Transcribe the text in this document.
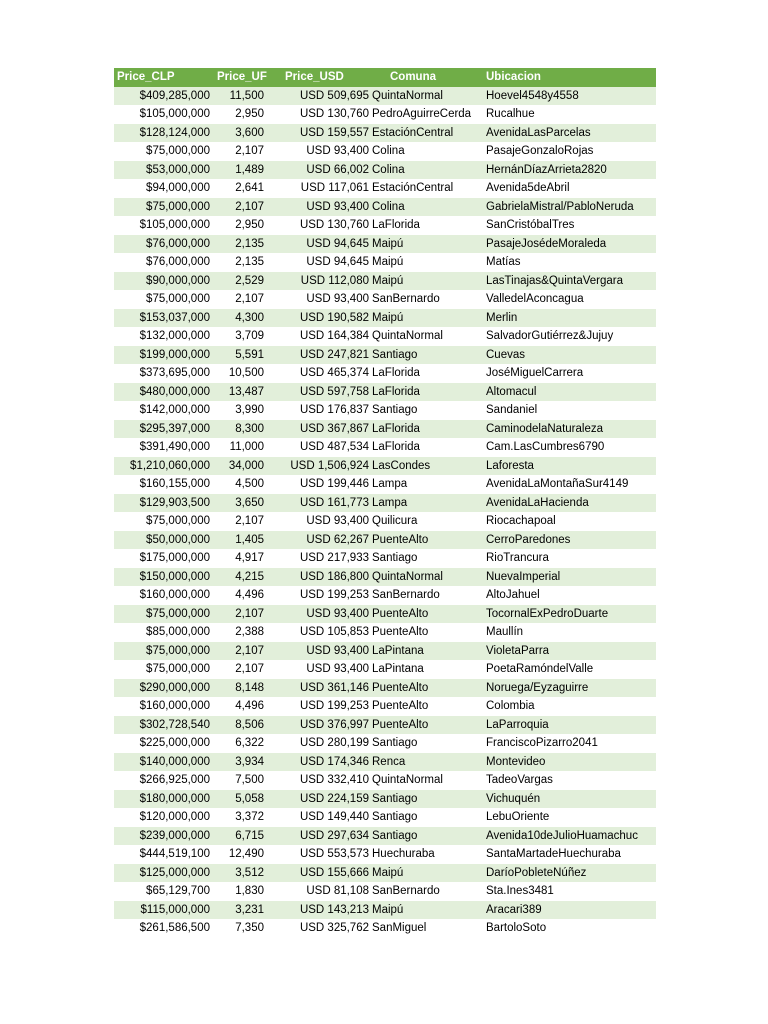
Price_CLP	Price_UF	Price_USD	Comuna	Ubicacion
$409,285,000	11,500	USD 509,695	QuintaNormal	Hoevel4548y4558
$105,000,000	2,950	USD 130,760	PedroAguirreCerda	Rucalhue
$128,124,000	3,600	USD 159,557	EstaciónCentral	AvenidaLasParcelas
$75,000,000	2,107	USD 93,400	Colina	PasajeGonzaloRojas
$53,000,000	1,489	USD 66,002	Colina	HernánDíazArrieta2820
$94,000,000	2,641	USD 117,061	EstaciónCentral	Avenida5deAbril
$75,000,000	2,107	USD 93,400	Colina	GabrielaMistral/PabloNeruda
$105,000,000	2,950	USD 130,760	LaFlorida	SanCristóbalTres
$76,000,000	2,135	USD 94,645	Maipú	PasajeJosédeMoraleda
$76,000,000	2,135	USD 94,645	Maipú	Matías
$90,000,000	2,529	USD 112,080	Maipú	LasTinajas&QuintaVergara
$75,000,000	2,107	USD 93,400	SanBernardo	ValledelAconcagua
$153,037,000	4,300	USD 190,582	Maipú	Merlin
$132,000,000	3,709	USD 164,384	QuintaNormal	SalvadorGutiérrez&Jujuy
$199,000,000	5,591	USD 247,821	Santiago	Cuevas
$373,695,000	10,500	USD 465,374	LaFlorida	JoséMiguelCarrera
$480,000,000	13,487	USD 597,758	LaFlorida	Altomacul
$142,000,000	3,990	USD 176,837	Santiago	Sandaniel
$295,397,000	8,300	USD 367,867	LaFlorida	CaminodelaNaturaleza
$391,490,000	11,000	USD 487,534	LaFlorida	Cam.LasCumbres6790
$1,210,060,000	34,000	USD 1,506,924	LasCondes	Laforesta
$160,155,000	4,500	USD 199,446	Lampa	AvenidaLaMontañaSur4149
$129,903,500	3,650	USD 161,773	Lampa	AvenidaLaHacienda
$75,000,000	2,107	USD 93,400	Quilicura	Riocachapoal
$50,000,000	1,405	USD 62,267	PuenteAlto	CerroParedones
$175,000,000	4,917	USD 217,933	Santiago	RioTrancura
$150,000,000	4,215	USD 186,800	QuintaNormal	NuevaImperial
$160,000,000	4,496	USD 199,253	SanBernardo	AltoJahuel
$75,000,000	2,107	USD 93,400	PuenteAlto	TocornalExPedroDuarte
$85,000,000	2,388	USD 105,853	PuenteAlto	Maullín
$75,000,000	2,107	USD 93,400	LaPintana	VioletaParra
$75,000,000	2,107	USD 93,400	LaPintana	PoetaRamóndelValle
$290,000,000	8,148	USD 361,146	PuenteAlto	Noruega/Eyzaguirre
$160,000,000	4,496	USD 199,253	PuenteAlto	Colombia
$302,728,540	8,506	USD 376,997	PuenteAlto	LaParroquia
$225,000,000	6,322	USD 280,199	Santiago	FranciscoPizarro2041
$140,000,000	3,934	USD 174,346	Renca	Montevideo
$266,925,000	7,500	USD 332,410	QuintaNormal	TadeoVargas
$180,000,000	5,058	USD 224,159	Santiago	Vichuquén
$120,000,000	3,372	USD 149,440	Santiago	LebuOriente
$239,000,000	6,715	USD 297,634	Santiago	Avenida10deJulioHuamachuc
$444,519,100	12,490	USD 553,573	Huechuraba	SantaMartadeHuechuraba
$125,000,000	3,512	USD 155,666	Maipú	DaríoPobleteNúñez
$65,129,700	1,830	USD 81,108	SanBernardo	Sta.Ines3481
$115,000,000	3,231	USD 143,213	Maipú	Aracari389
$261,586,500	7,350	USD 325,762	SanMiguel	BartoloSoto
